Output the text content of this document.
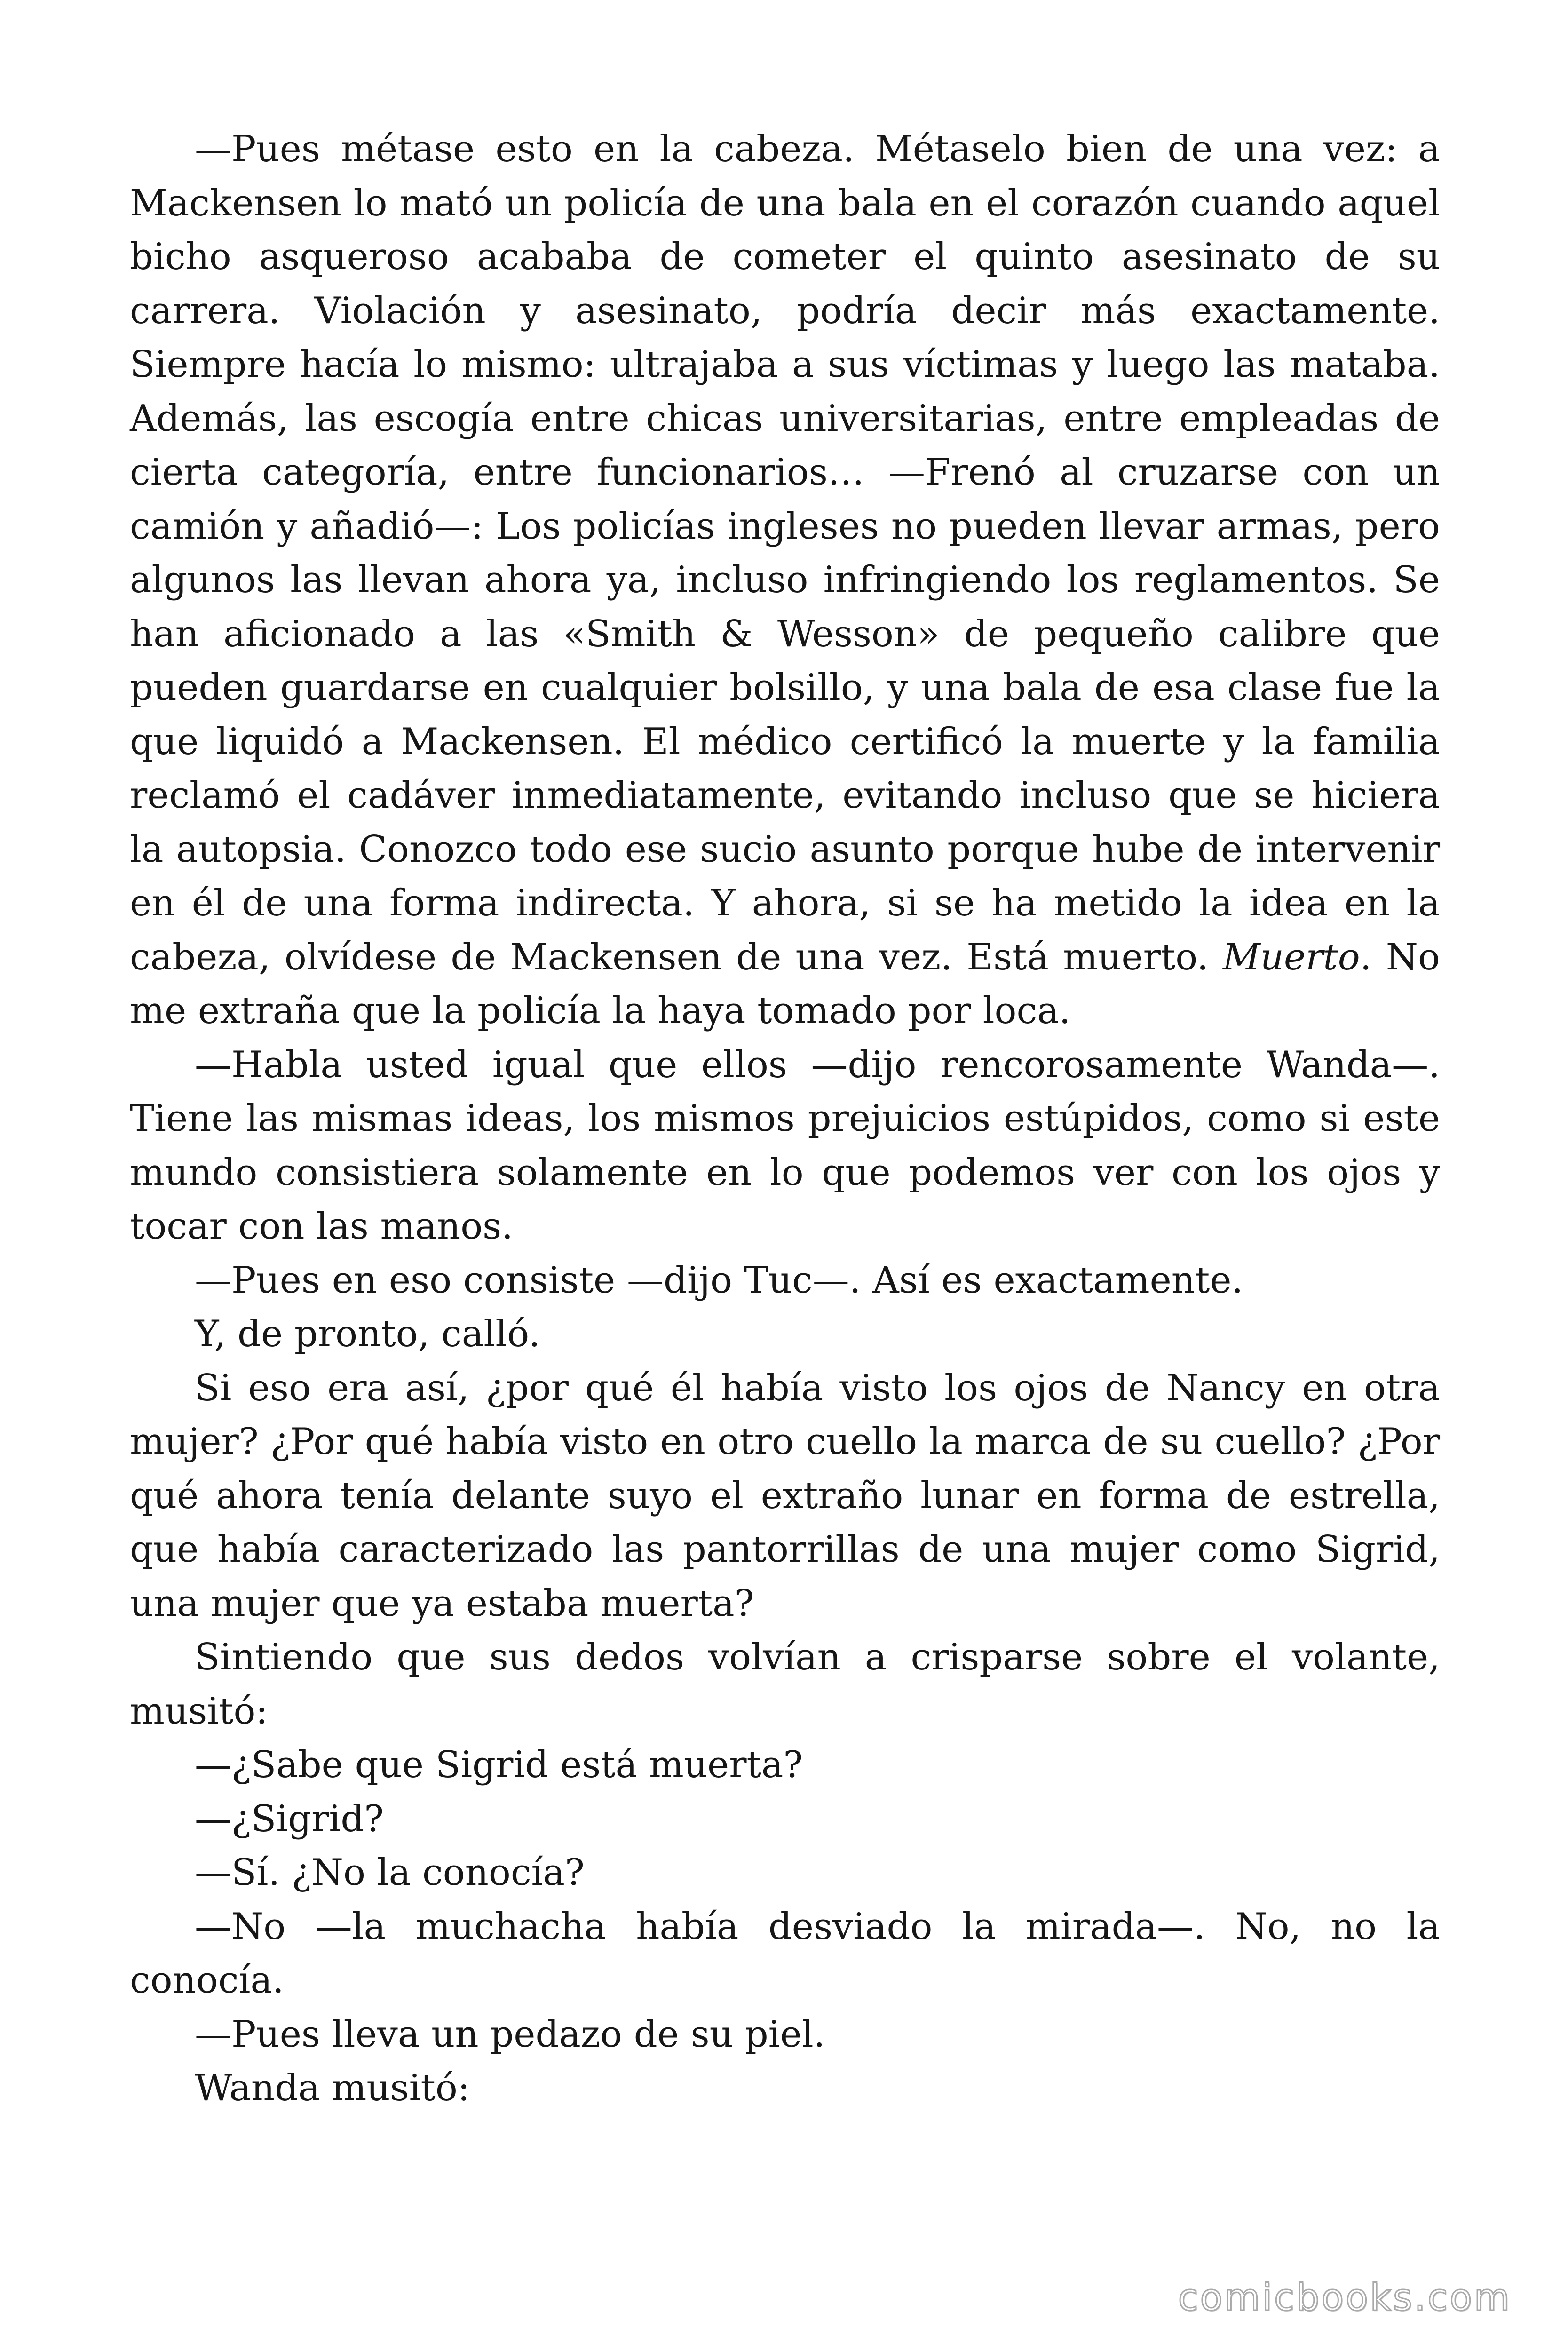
—Pues métase esto en la cabeza. Métaselo bien de una vez: a Mackensen lo mató un policía de una bala en el corazón cuando aquel bicho asqueroso acababa de cometer el quinto asesinato de su carrera. Violación y asesinato, podría decir más exactamente. Siempre hacía lo mismo: ultrajaba a sus víctimas y luego las mataba. Además, las escogía entre chicas universitarias, entre empleadas de cierta categoría, entre funcionarios… —Frenó al cruzarse con un camión y añadió—: Los policías ingleses no pueden llevar armas, pero algunos las llevan ahora ya, incluso infringiendo los reglamentos. Se han aficionado a las «Smith & Wesson» de pequeño calibre que pueden guardarse en cualquier bolsillo, y una bala de esa clase fue la que liquidó a Mackensen. El médico certificó la muerte y la familia reclamó el cadáver inmediatamente, evitando incluso que se hiciera la autopsia. Conozco todo ese sucio asunto porque hube de intervenir en él de una forma indirecta. Y ahora, si se ha metido la idea en la cabeza, olvídese de Mackensen de una vez. Está muerto. Muerto. No me extraña que la policía la haya tomado por loca.

—Habla usted igual que ellos —dijo rencorosamente Wanda—. Tiene las mismas ideas, los mismos prejuicios estúpidos, como si este mundo consistiera solamente en lo que podemos ver con los ojos y tocar con las manos.

—Pues en eso consiste —dijo Tuc—. Así es exactamente.

Y, de pronto, calló.

Si eso era así, ¿por qué él había visto los ojos de Nancy en otra mujer? ¿Por qué había visto en otro cuello la marca de su cuello? ¿Por qué ahora tenía delante suyo el extraño lunar en forma de estrella, que había caracterizado las pantorrillas de una mujer como Sigrid, una mujer que ya estaba muerta?

Sintiendo que sus dedos volvían a crisparse sobre el volante, musitó:

—¿Sabe que Sigrid está muerta?

—¿Sigrid?

—Sí. ¿No la conocía?

—No —la muchacha había desviado la mirada—. No, no la conocía.

—Pues lleva un pedazo de su piel.

Wanda musitó:

comicbooks.com
